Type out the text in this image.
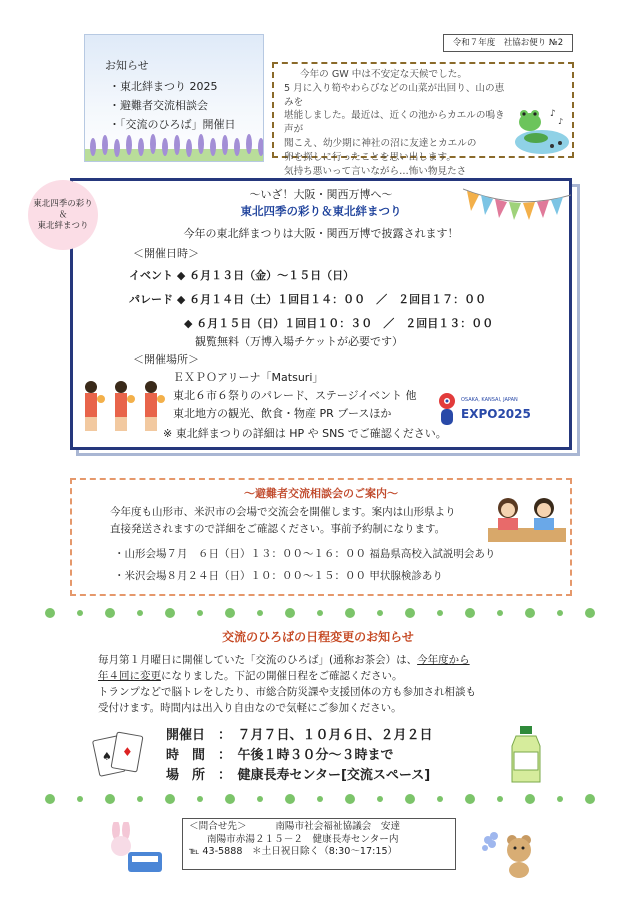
令和７年度　社協お便り №2
お知らせ
・ 東北絆まつり 2025
・ 避難者交流相談会
・ 「交流のひろば」開催日
今年の GW 中は不安定な天候でした。
5 月に入り筍やわらびなどの山菜が出回り、山の恵みを
堪能しました。最近は、近くの池からカエルの鳴き声が
聞こえ、幼少期に神社の沼に友達とカエルの
卵を探しに行ったことを思い出します。
気持ち悪いって言いながら…怖い物見たさ
♪
♪
～いざ！大阪・関西万博へ～
東北四季の彩り＆東北絆まつり
今年の東北絆まつりは大阪・関西万博で披露されます！
＜開催日時＞
イベント ◆ ６月１３日（金）～１５日（日）
パレード ◆ ６月１４日（土）１回目１４：００　／　２回目１７：００
◆ ６月１５日（日）１回目１０：３０　／　２回目１３：００
観覧無料（万博入場チケットが必要です）
＜開催場所＞
ＥＸＰＯアリーナ「Matsuri」
東北６市６祭りのパレード、ステージイベント 他
東北地方の観光、飲食・物産 PR ブースほか
※ 東北絆まつりの詳細は HP や SNS でご確認ください。
OSAKA, KANSAI, JAPAN
EXPO2025
東北四季の彩り
＆
東北絆まつり
～避難者交流相談会のご案内～
今年度も山形市、米沢市の会場で交流会を開催します。案内は山形県より
直接発送されますので詳細をご確認ください。事前予約制になります。
・山形会場７月　６日（日）１３：００～１６：００ 福島県高校入試説明会あり
・米沢会場８月２４日（日）１０：００～１５：００ 甲状腺検診あり
交流のひろばの日程変更のお知らせ
毎月第１月曜日に開催していた「交流のひろば」(通称お茶会）は、今年度から
年４回に変更になりました。下記の開催日程をご確認ください。
トランプなどで脳トレをしたり、市総合防災課や支援団体の方も参加され相談も
受付けます。時間内は出入り自由なので気軽にご参加ください。
開催日　：　７月７日、１０月６日、２月２日
時　間　：　午後１時３０分～３時まで
場　所　：　健康長寿センター[交流スペース]
♦
♠
＜問合せ先＞　　　南陽市社会福祉協議会　安達
南陽市赤湯２１５－２　健康長寿センター内
℡ 43-5888　＊土日祝日除く（8:30～17:15）
